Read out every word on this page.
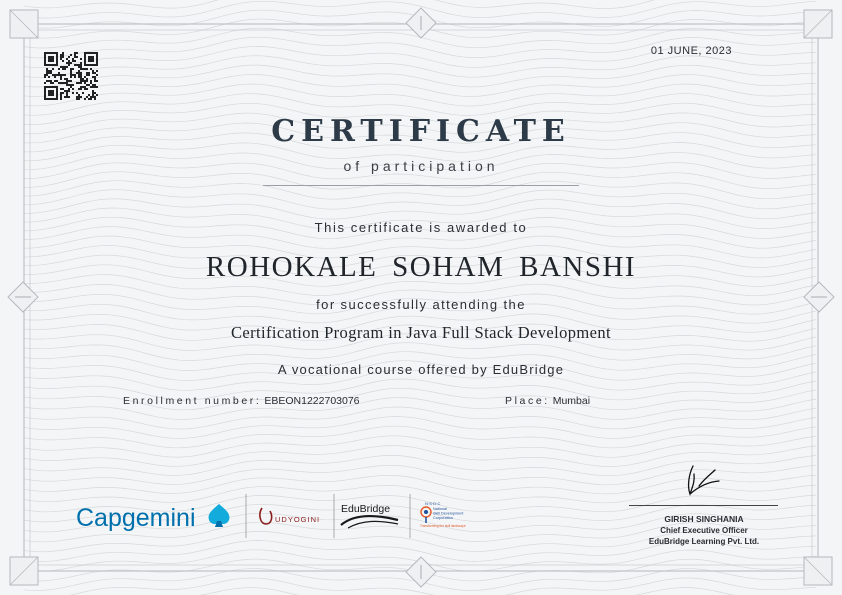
01 JUNE, 2023
CERTIFICATE
of participation
This certificate is awarded to
ROHOKALE SOHAM BANSHI
for successfully attending the
Certification Program in Java Full Stack Development
A vocational course offered by EduBridge
Enrollment number: EBEON1222703076	Place: Mumbai
Capgemini	UDYOGINI
EduBridge	N·S·D·C
National
Skill Development
Corporation
Transforming the skill landscape
GIRISH SINGHANIA
Chief Executive Officer
EduBridge Learning Pvt. Ltd.
